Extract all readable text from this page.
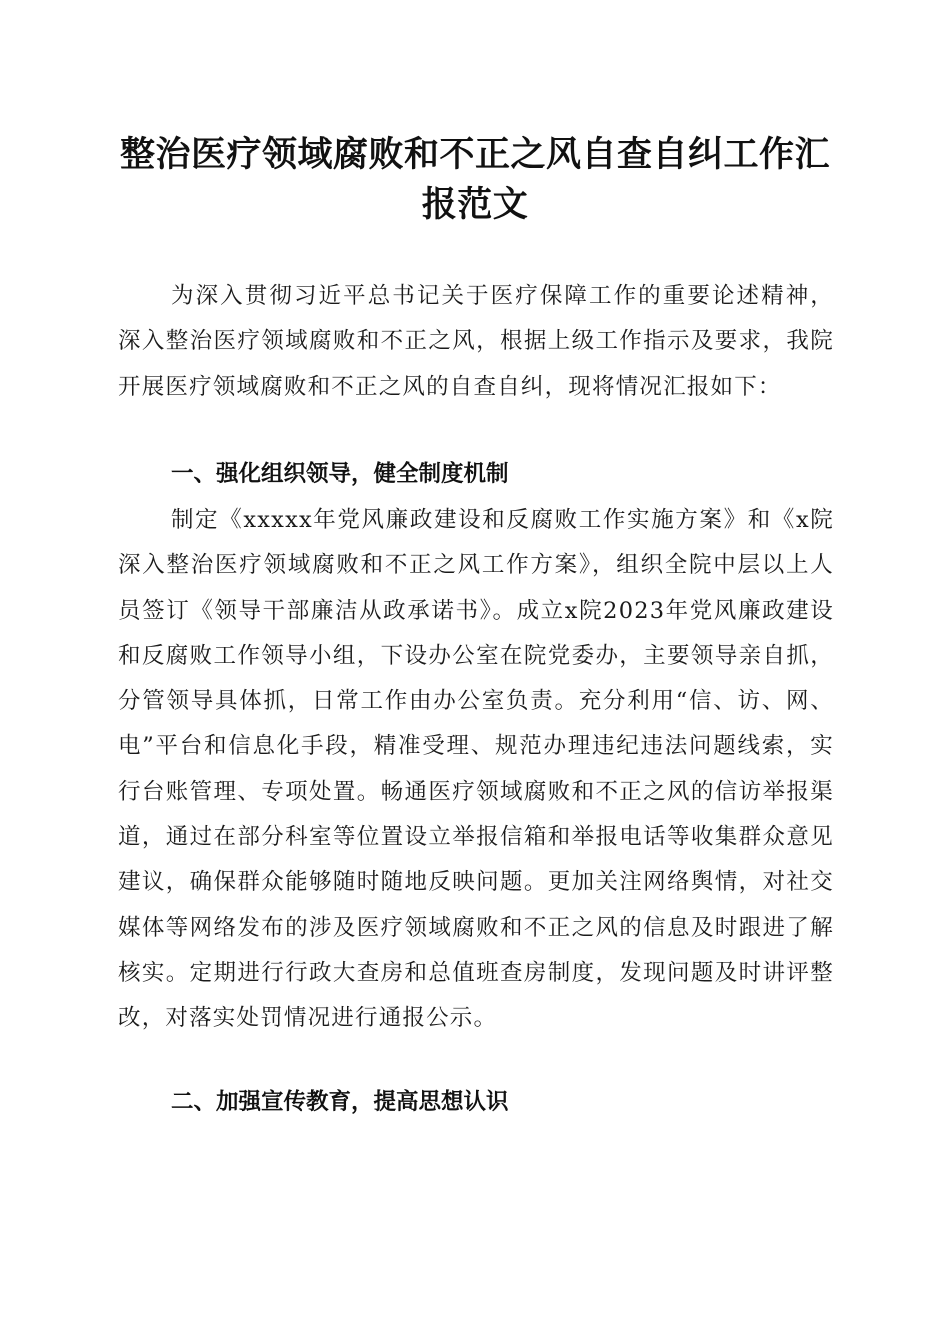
整治医疗领域腐败和不正之风自查自纠工作汇报范文

为深入贯彻习近平总书记关于医疗保障工作的重要论述精神，深入整治医疗领域腐败和不正之风，根据上级工作指示及要求，我院开展医疗领域腐败和不正之风的自查自纠，现将情况汇报如下：

一、强化组织领导，健全制度机制

制定《xxxxx年党风廉政建设和反腐败工作实施方案》和《x院深入整治医疗领域腐败和不正之风工作方案》，组织全院中层以上人员签订《领导干部廉洁从政承诺书》。成立x院2023年党风廉政建设和反腐败工作领导小组，下设办公室在院党委办，主要领导亲自抓，分管领导具体抓，日常工作由办公室负责。充分利用“信、访、网、电”平台和信息化手段，精准受理、规范办理违纪违法问题线索，实行台账管理、专项处置。畅通医疗领域腐败和不正之风的信访举报渠道，通过在部分科室等位置设立举报信箱和举报电话等收集群众意见建议，确保群众能够随时随地反映问题。更加关注网络舆情，对社交媒体等网络发布的涉及医疗领域腐败和不正之风的信息及时跟进了解核实。定期进行行政大查房和总值班查房制度，发现问题及时讲评整改，对落实处罚情况进行通报公示。

二、加强宣传教育，提高思想认识
